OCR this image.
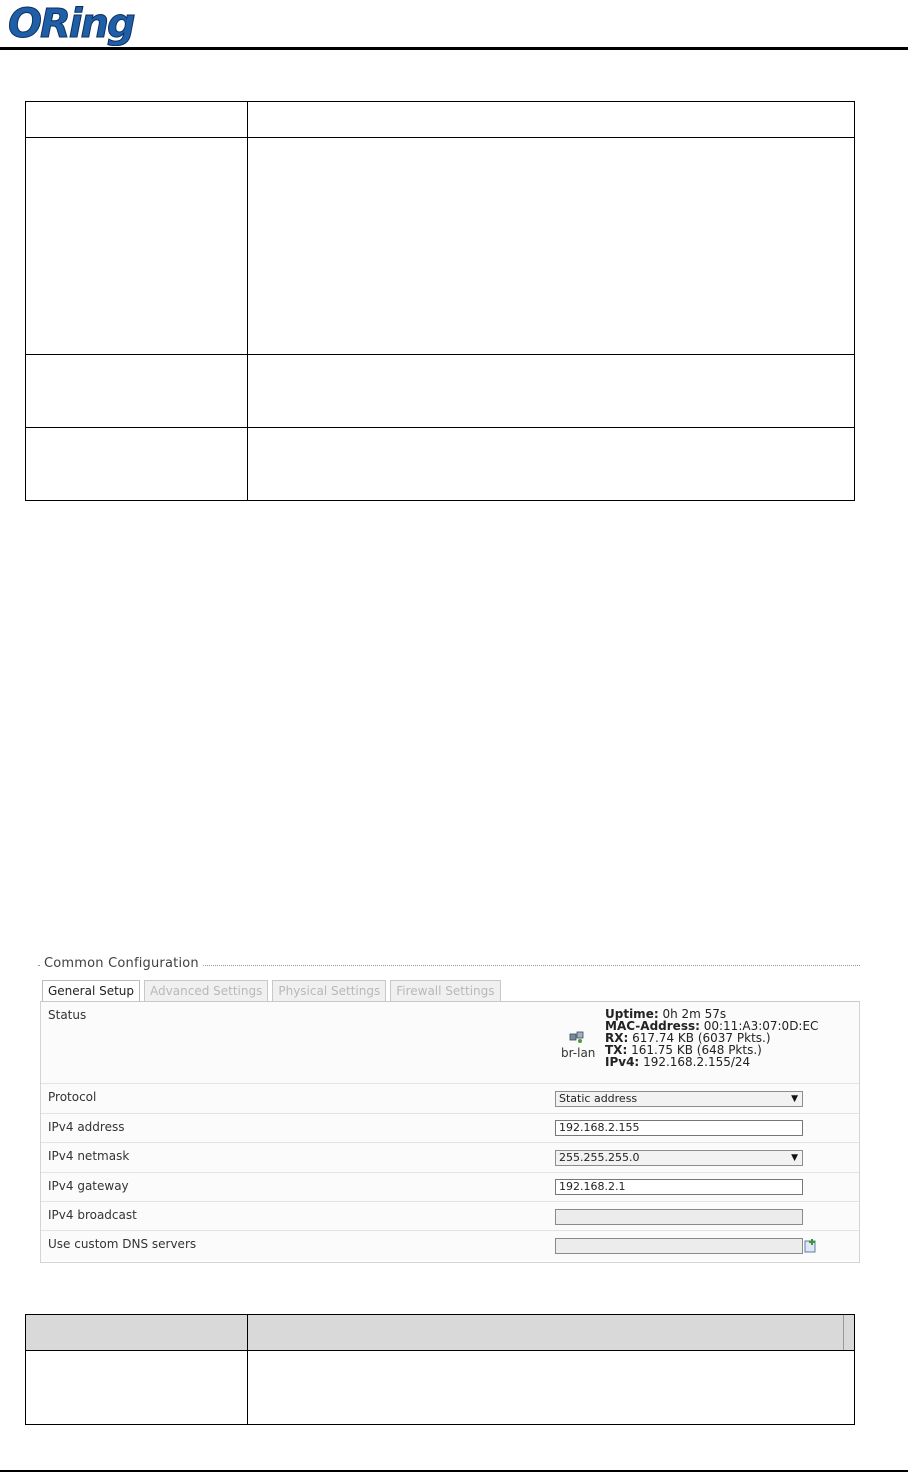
ORing

Common Configuration
General Setup	Advanced Settings	Physical Settings	Firewall Settings
Status
br-lan
Uptime: 0h 2m 57s
MAC-Address: 00:11:A3:07:0D:EC
RX: 617.74 KB (6037 Pkts.)
TX: 161.75 KB (648 Pkts.)
IPv4: 192.168.2.155/24
Protocol	Static address	▼
IPv4 address	192.168.2.155
IPv4 netmask	255.255.255.0	▼
IPv4 gateway	192.168.2.1
IPv4 broadcast
Use custom DNS servers
